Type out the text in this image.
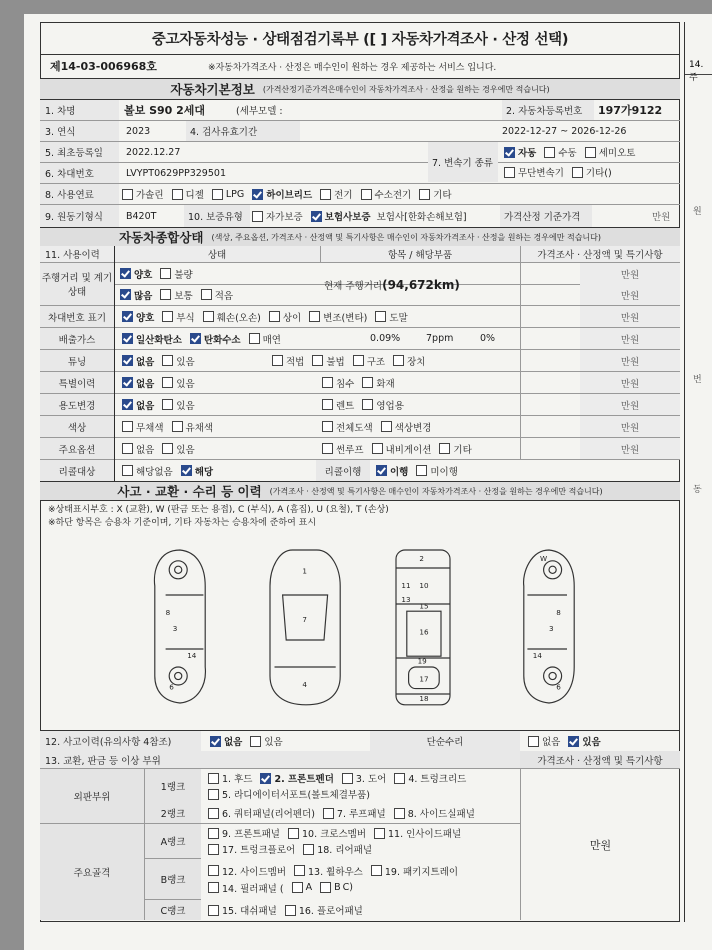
14. 주
원
번
동
중고자동차성능 · 상태점검기록부 ([ ] 자동차가격조사 · 산정 선택)
제14-03-006968호	※자동차가격조사 · 산정은 매수인이 원하는 경우 제공하는 서비스 입니다.
자동차기본정보 (가격산정기준가격은매수인이 자동차가격조사 · 산정을 원하는 경우에만 적습니다)
1. 차명	볼보 S90 2세대	(세부모델 :	2. 자동차등록번호	197가9122
3. 연식	2023	4. 검사유효기간	2022-12-27 ~ 2026-12-26
5. 최초등록일	2022.12.27
7. 변속기 종류
자동 수동 세미오토
무단변속기 기타()
6. 차대번호	LVYPT0629PP329501
8. 사용연료	가솔린 디젤 LPG 하이브리드 전기 수소전기 기타
9. 원동기형식	B420T	10. 보증유형	자가보증 보험사보증 보험사[한화손해보험]	가격산정 기준가격	만원
자동차종합상태 (색상, 주요옵션, 가격조사 · 산정액 및 특기사항은 매수인이 자동차가격조사 · 산정을 원하는 경우에만 적습니다)
11. 사용이력	상태	항목 / 해당부품	가격조사 · 산정액 및 특기사항
주행거리 및 계기상태
양호 불량	만원
많음 보통 적음	만원
현재 주행거리 (94,672km)
차대번호 표기	양호 부식 훼손(오손) 상이 변조(변타) 도말	만원
배출가스	일산화탄소 탄화수소 매연	0.09%	7ppm	0%	만원
튜닝	없음 있음	적법 불법 구조 장치	만원
특별이력	없음 있음	침수 화재	만원
용도변경	없음 있음	렌트 영업용	만원
색상	무채색 유채색	전체도색 색상변경	만원
주요옵션	없음 있음	썬루프 내비게이션 기타	만원
리콜대상	해당없음 해당	리콜이행	이행 미이행
사고 · 교환 · 수리 등 이력 (가격조사 · 산정액 및 특기사항은 매수인이 자동차가격조사 · 산정을 원하는 경우에만 적습니다)
※상태표시부호 : X (교환), W (판금 또는 용접), C (부식), A (흠집), U (요철), T (손상)
※하단 항목은 승용차 기준이며, 기타 자동차는 승용차에 준하여 표시
8
3
14
6
1
7
4
2
11 10
13
15
16
19
17
18
W
8
3
14
6
12. 사고이력(유의사항 4참조)	없음 있음	단순수리	없음 있음
13. 교환, 판금 등 이상 부위	가격조사 · 산정액 및 특기사항
외판부위
1랭크
1. 후드 2. 프론트펜더 3. 도어 4. 트렁크리드
5. 라디에이터서포트(볼트체결부품)
2랭크	6. 쿼터패널(리어펜더) 7. 루프패널 8. 사이드실패널
주요골격
A랭크
9. 프론트패널 10. 크로스멤버 11. 인사이드패널
17. 트렁크플로어 18. 리어패널
B랭크
12. 사이드멤버 13. 휠하우스 19. 패키지트레이
14. 필러패널 ( A B C)
C랭크	15. 대쉬패널 16. 플로어패널
만원
